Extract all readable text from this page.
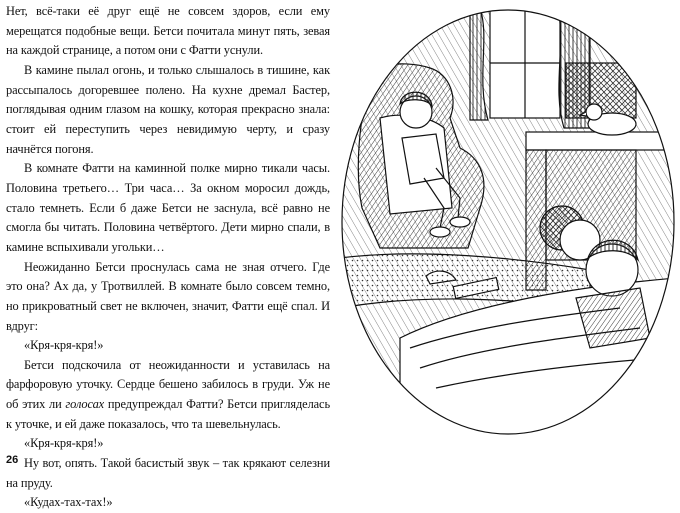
Нет, всё-таки её друг ещё не совсем здоров, если ему мерещатся подобные вещи. Бетси почитала минут пять, зевая на каждой странице, а потом они с Фатти уснули.

В камине пылал огонь, и только слышалось в тишине, как рассыпалось догоревшее полено. На кухне дремал Бастер, поглядывая одним глазом на кошку, которая прекрасно знала: стоит ей переступить через невидимую черту, и сразу начнётся погоня.

В комнате Фатти на каминной полке мирно тикали часы. Половина третьего… Три часа… За окном моросил дождь, стало темнеть. Если б даже Бетси не заснула, всё равно не смогла бы читать. Половина четвёртого. Дети мирно спали, в камине вспыхивали угольки…

Неожиданно Бетси проснулась сама не зная отчего. Где это она? Ах да, у Тротвиллей. В комнате было совсем темно, но прикроватный свет не включен, значит, Фатти ещё спал. И вдруг:

«Кря-кря-кря!»

Бетси подскочила от неожиданности и уставилась на фарфоровую уточку. Сердце бешено забилось в груди. Уж не об этих ли голосах предупреждал Фатти? Бетси пригляделась к уточке, и ей даже показалось, что та шевельнулась.

«Кря-кря-кря!»

Ну вот, опять. Такой басистый звук – так крякают селезни на пруду.

«Кудах-тах-тах!»

26
